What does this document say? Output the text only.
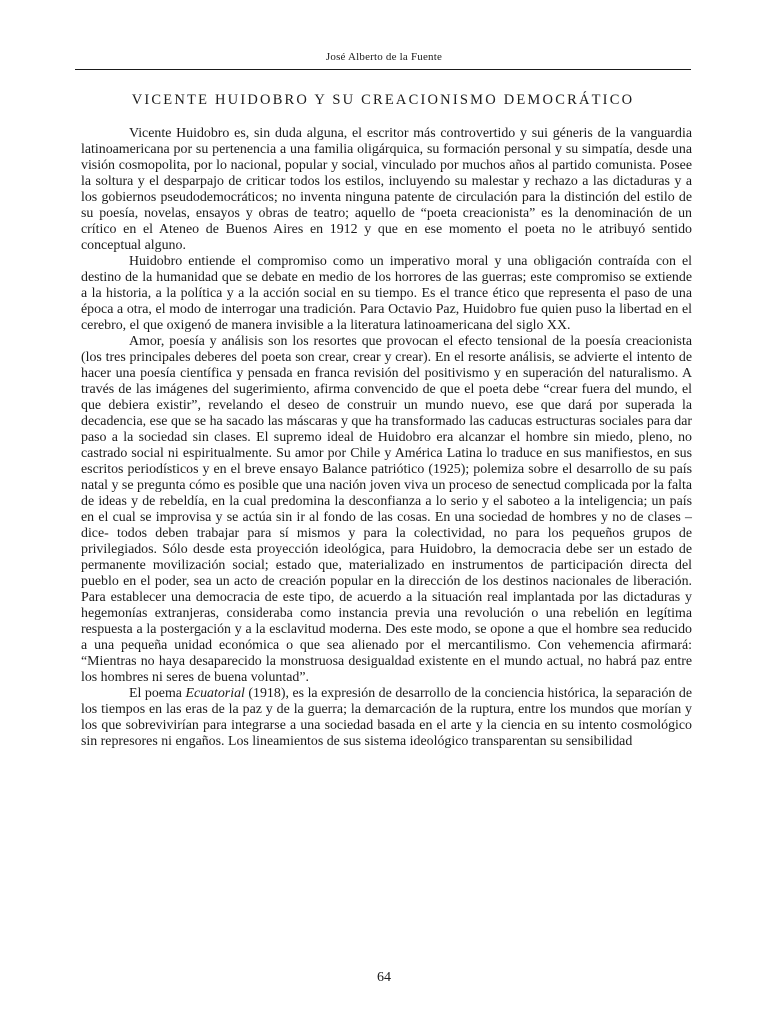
José Alberto de la Fuente
VICENTE HUIDOBRO Y SU CREACIONISMO DEMOCRÁTICO

Vicente Huidobro es, sin duda alguna, el escritor más controvertido y sui géneris de la vanguardia latinoamericana por su pertenencia a una familia oligárquica, su formación personal y su simpatía, desde una visión cosmopolita, por lo nacional, popular y social, vinculado por muchos años al partido comunista. Posee la soltura y el desparpajo de criticar todos los estilos, incluyendo su malestar y rechazo a las dictaduras y a los gobiernos pseudodemocráticos; no inventa ninguna patente de circulación para la distinción del estilo de su poesía, novelas, ensayos y obras de teatro; aquello de “poeta creacionista” es la denominación de un crítico en el Ateneo de Buenos Aires en 1912 y que en ese momento el poeta no le atribuyó sentido conceptual alguno.

Huidobro entiende el compromiso como un imperativo moral y una obligación contraída con el destino de la humanidad que se debate en medio de los horrores de las guerras; este compromiso se extiende a la historia, a la política y a la acción social en su tiempo. Es el trance ético que representa el paso de una época a otra, el modo de interrogar una tradición. Para Octavio Paz, Huidobro fue quien puso la libertad en el cerebro, el que oxigenó de manera invisible a la literatura latinoamericana del siglo XX.

Amor, poesía y análisis son los resortes que provocan el efecto tensional de la poesía creacionista (los tres principales deberes del poeta son crear, crear y crear). En el resorte análisis, se advierte el intento de hacer una poesía científica y pensada en franca revisión del positivismo y en superación del naturalismo. A través de las imágenes del sugerimiento, afirma convencido de que el poeta debe “crear fuera del mundo, el que debiera existir”, revelando el deseo de construir un mundo nuevo, ese que dará por superada la decadencia, ese que se ha sacado las máscaras y que ha transformado las caducas estructuras sociales para dar paso a la sociedad sin clases. El supremo ideal de Huidobro era alcanzar el hombre sin miedo, pleno, no castrado social ni espiritualmente. Su amor por Chile y América Latina lo traduce en sus manifiestos, en sus escritos periodísticos y en el breve ensayo Balance patriótico (1925); polemiza sobre el desarrollo de su país natal y se pregunta cómo es posible que una nación joven viva un proceso de senectud complicada por la falta de ideas y de rebeldía, en la cual predomina la desconfianza a lo serio y el saboteo a la inteligencia; un país en el cual se improvisa y se actúa sin ir al fondo de las cosas. En una sociedad de hombres y no de clases –dice- todos deben trabajar para sí mismos y para la colectividad, no para los pequeños grupos de privilegiados. Sólo desde esta proyección ideológica, para Huidobro, la democracia debe ser un estado de permanente movilización social; estado que, materializado en instrumentos de participación directa del pueblo en el poder, sea un acto de creación popular en la dirección de los destinos nacionales de liberación. Para establecer una democracia de este tipo, de acuerdo a la situación real implantada por las dictaduras y hegemonías extranjeras, consideraba como instancia previa una revolución o una rebelión en legítima respuesta a la postergación y a la esclavitud moderna. Des este modo, se opone a que el hombre sea reducido a una pequeña unidad económica o que sea alienado por el mercantilismo. Con vehemencia afirmará: “Mientras no haya desaparecido la monstruosa desigualdad existente en el mundo actual, no habrá paz entre los hombres ni seres de buena voluntad”.

El poema Ecuatorial (1918), es la expresión de desarrollo de la conciencia histórica, la separación de los tiempos en las eras de la paz y de la guerra; la demarcación de la ruptura, entre los mundos que morían y los que sobrevivirían para integrarse a una sociedad basada en el arte y la ciencia en su intento cosmológico sin represores ni engaños. Los lineamientos de sus sistema ideológico transparentan su sensibilidad

64
